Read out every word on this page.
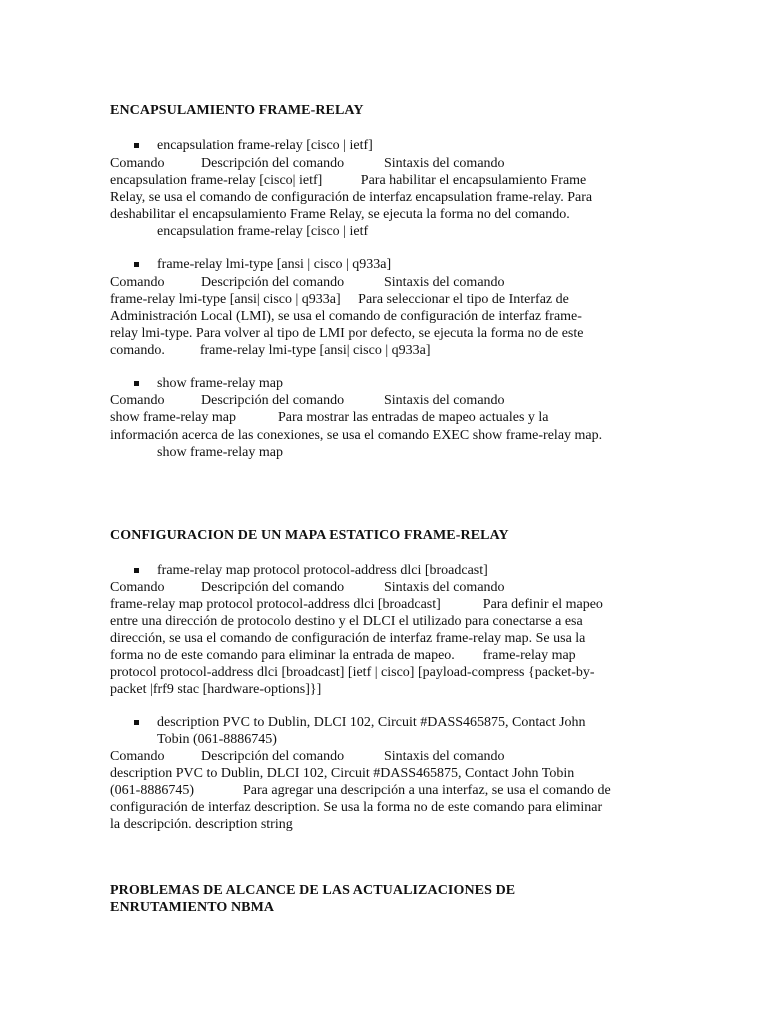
ENCAPSULAMIENTO FRAME-RELAY
encapsulation frame-relay [cisco | ietf]
Comando	Descripción del comando	Sintaxis del comando
encapsulation frame-relay [cisco| ietf]           Para habilitar el encapsulamiento Frame
Relay, se usa el comando de configuración de interfaz encapsulation frame-relay. Para
deshabilitar el encapsulamiento Frame Relay, se ejecuta la forma no del comando.
encapsulation frame-relay [cisco | ietf
frame-relay lmi-type [ansi | cisco | q933a]
Comando	Descripción del comando	Sintaxis del comando
frame-relay lmi-type [ansi| cisco | q933a]     Para seleccionar el tipo de Interfaz de
Administración Local (LMI), se usa el comando de configuración de interfaz frame-
relay lmi-type. Para volver al tipo de LMI por defecto, se ejecuta la forma no de este
comando.          frame-relay lmi-type [ansi| cisco | q933a]
show frame-relay map
Comando	Descripción del comando	Sintaxis del comando
show frame-relay map            Para mostrar las entradas de mapeo actuales y la
información acerca de las conexiones, se usa el comando EXEC show frame-relay map.
show frame-relay map
CONFIGURACION DE UN MAPA ESTATICO FRAME-RELAY
frame-relay map protocol protocol-address dlci [broadcast]
Comando	Descripción del comando	Sintaxis del comando
frame-relay map protocol protocol-address dlci [broadcast]            Para definir el mapeo
entre una dirección de protocolo destino y el DLCI el utilizado para conectarse a esa
dirección, se usa el comando de configuración de interfaz frame-relay map. Se usa la
forma no de este comando para eliminar la entrada de mapeo.        frame-relay map
protocol protocol-address dlci [broadcast] [ietf | cisco] [payload-compress {packet-by-
packet |frf9 stac [hardware-options]}]
description PVC to Dublin, DLCI 102, Circuit #DASS465875, Contact John
Tobin (061-8886745)
Comando	Descripción del comando	Sintaxis del comando
description PVC to Dublin, DLCI 102, Circuit #DASS465875, Contact John Tobin
(061-8886745)              Para agregar una descripción a una interfaz, se usa el comando de
configuración de interfaz description. Se usa la forma no de este comando para eliminar
la descripción. description string
PROBLEMAS DE ALCANCE DE LAS ACTUALIZACIONES DE
ENRUTAMIENTO NBMA
